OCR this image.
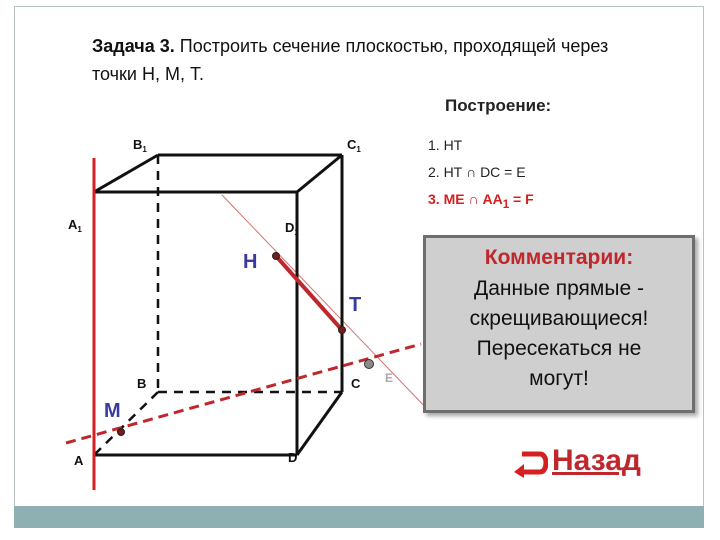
Задача 3. Построить сечение плоскостью, проходящей через точки Н, М, Т.
Построение:
1. НТ
2. НТ ∩ DC = E
3. МЕ ∩ $АА_1 = F$
Н
Т
М
E
A
B	C
D
$A_1$
$B_1$	$C_1$
$D_1$
Комментарии:
Данные прямые -
скрещивающиеся!
Пересекаться не
могут!
Назад
